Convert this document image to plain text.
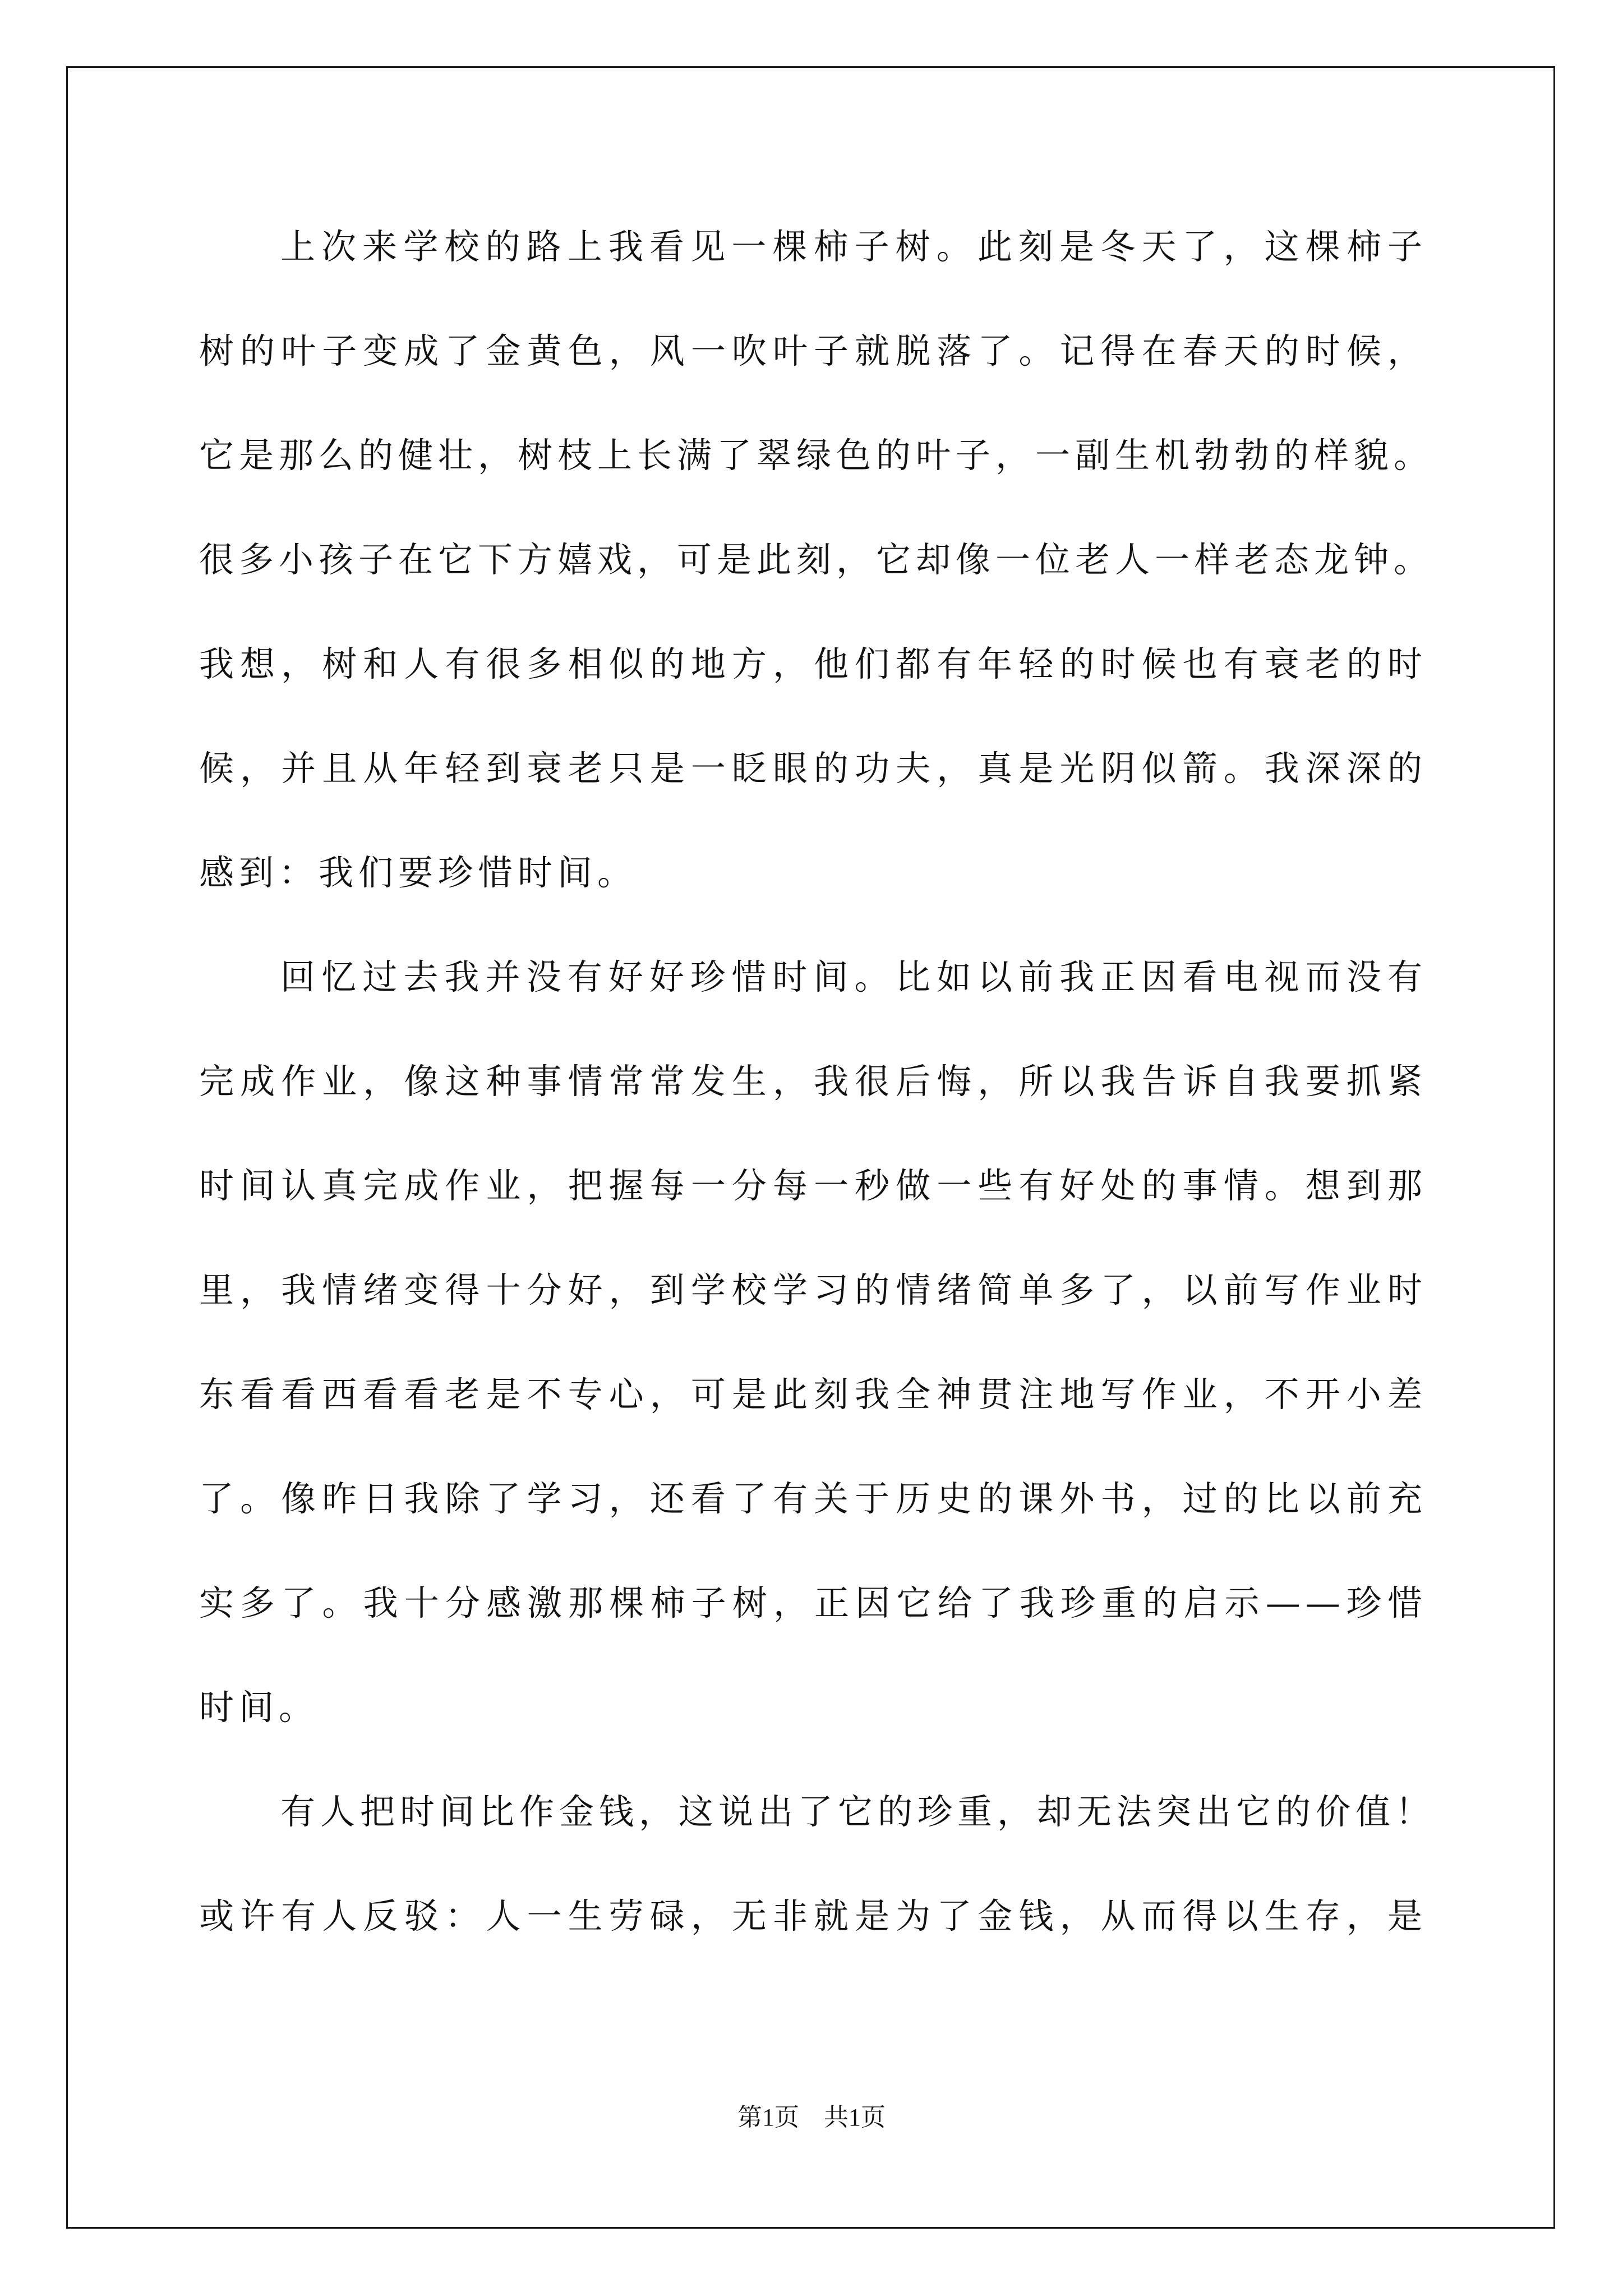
上次来学校的路上我看见一棵柿子树。此刻是冬天了，这棵柿子
树的叶子变成了金黄色，风一吹叶子就脱落了。记得在春天的时候，
它是那么的健壮，树枝上长满了翠绿色的叶子，一副生机勃勃的样貌。
很多小孩子在它下方嬉戏，可是此刻，它却像一位老人一样老态龙钟。
我想，树和人有很多相似的地方，他们都有年轻的时候也有衰老的时
候，并且从年轻到衰老只是一眨眼的功夫，真是光阴似箭。我深深的
感到：我们要珍惜时间。
回忆过去我并没有好好珍惜时间。比如以前我正因看电视而没有
完成作业，像这种事情常常发生，我很后悔，所以我告诉自我要抓紧
时间认真完成作业，把握每一分每一秒做一些有好处的事情。想到那
里，我情绪变得十分好，到学校学习的情绪简单多了，以前写作业时
东看看西看看老是不专心，可是此刻我全神贯注地写作业，不开小差
了。像昨日我除了学习，还看了有关于历史的课外书，过的比以前充
实多了。我十分感激那棵柿子树，正因它给了我珍重的启示——珍惜
时间。
有人把时间比作金钱，这说出了它的珍重，却无法突出它的价值！
或许有人反驳：人一生劳碌，无非就是为了金钱，从而得以生存，是
第1页　共1页
